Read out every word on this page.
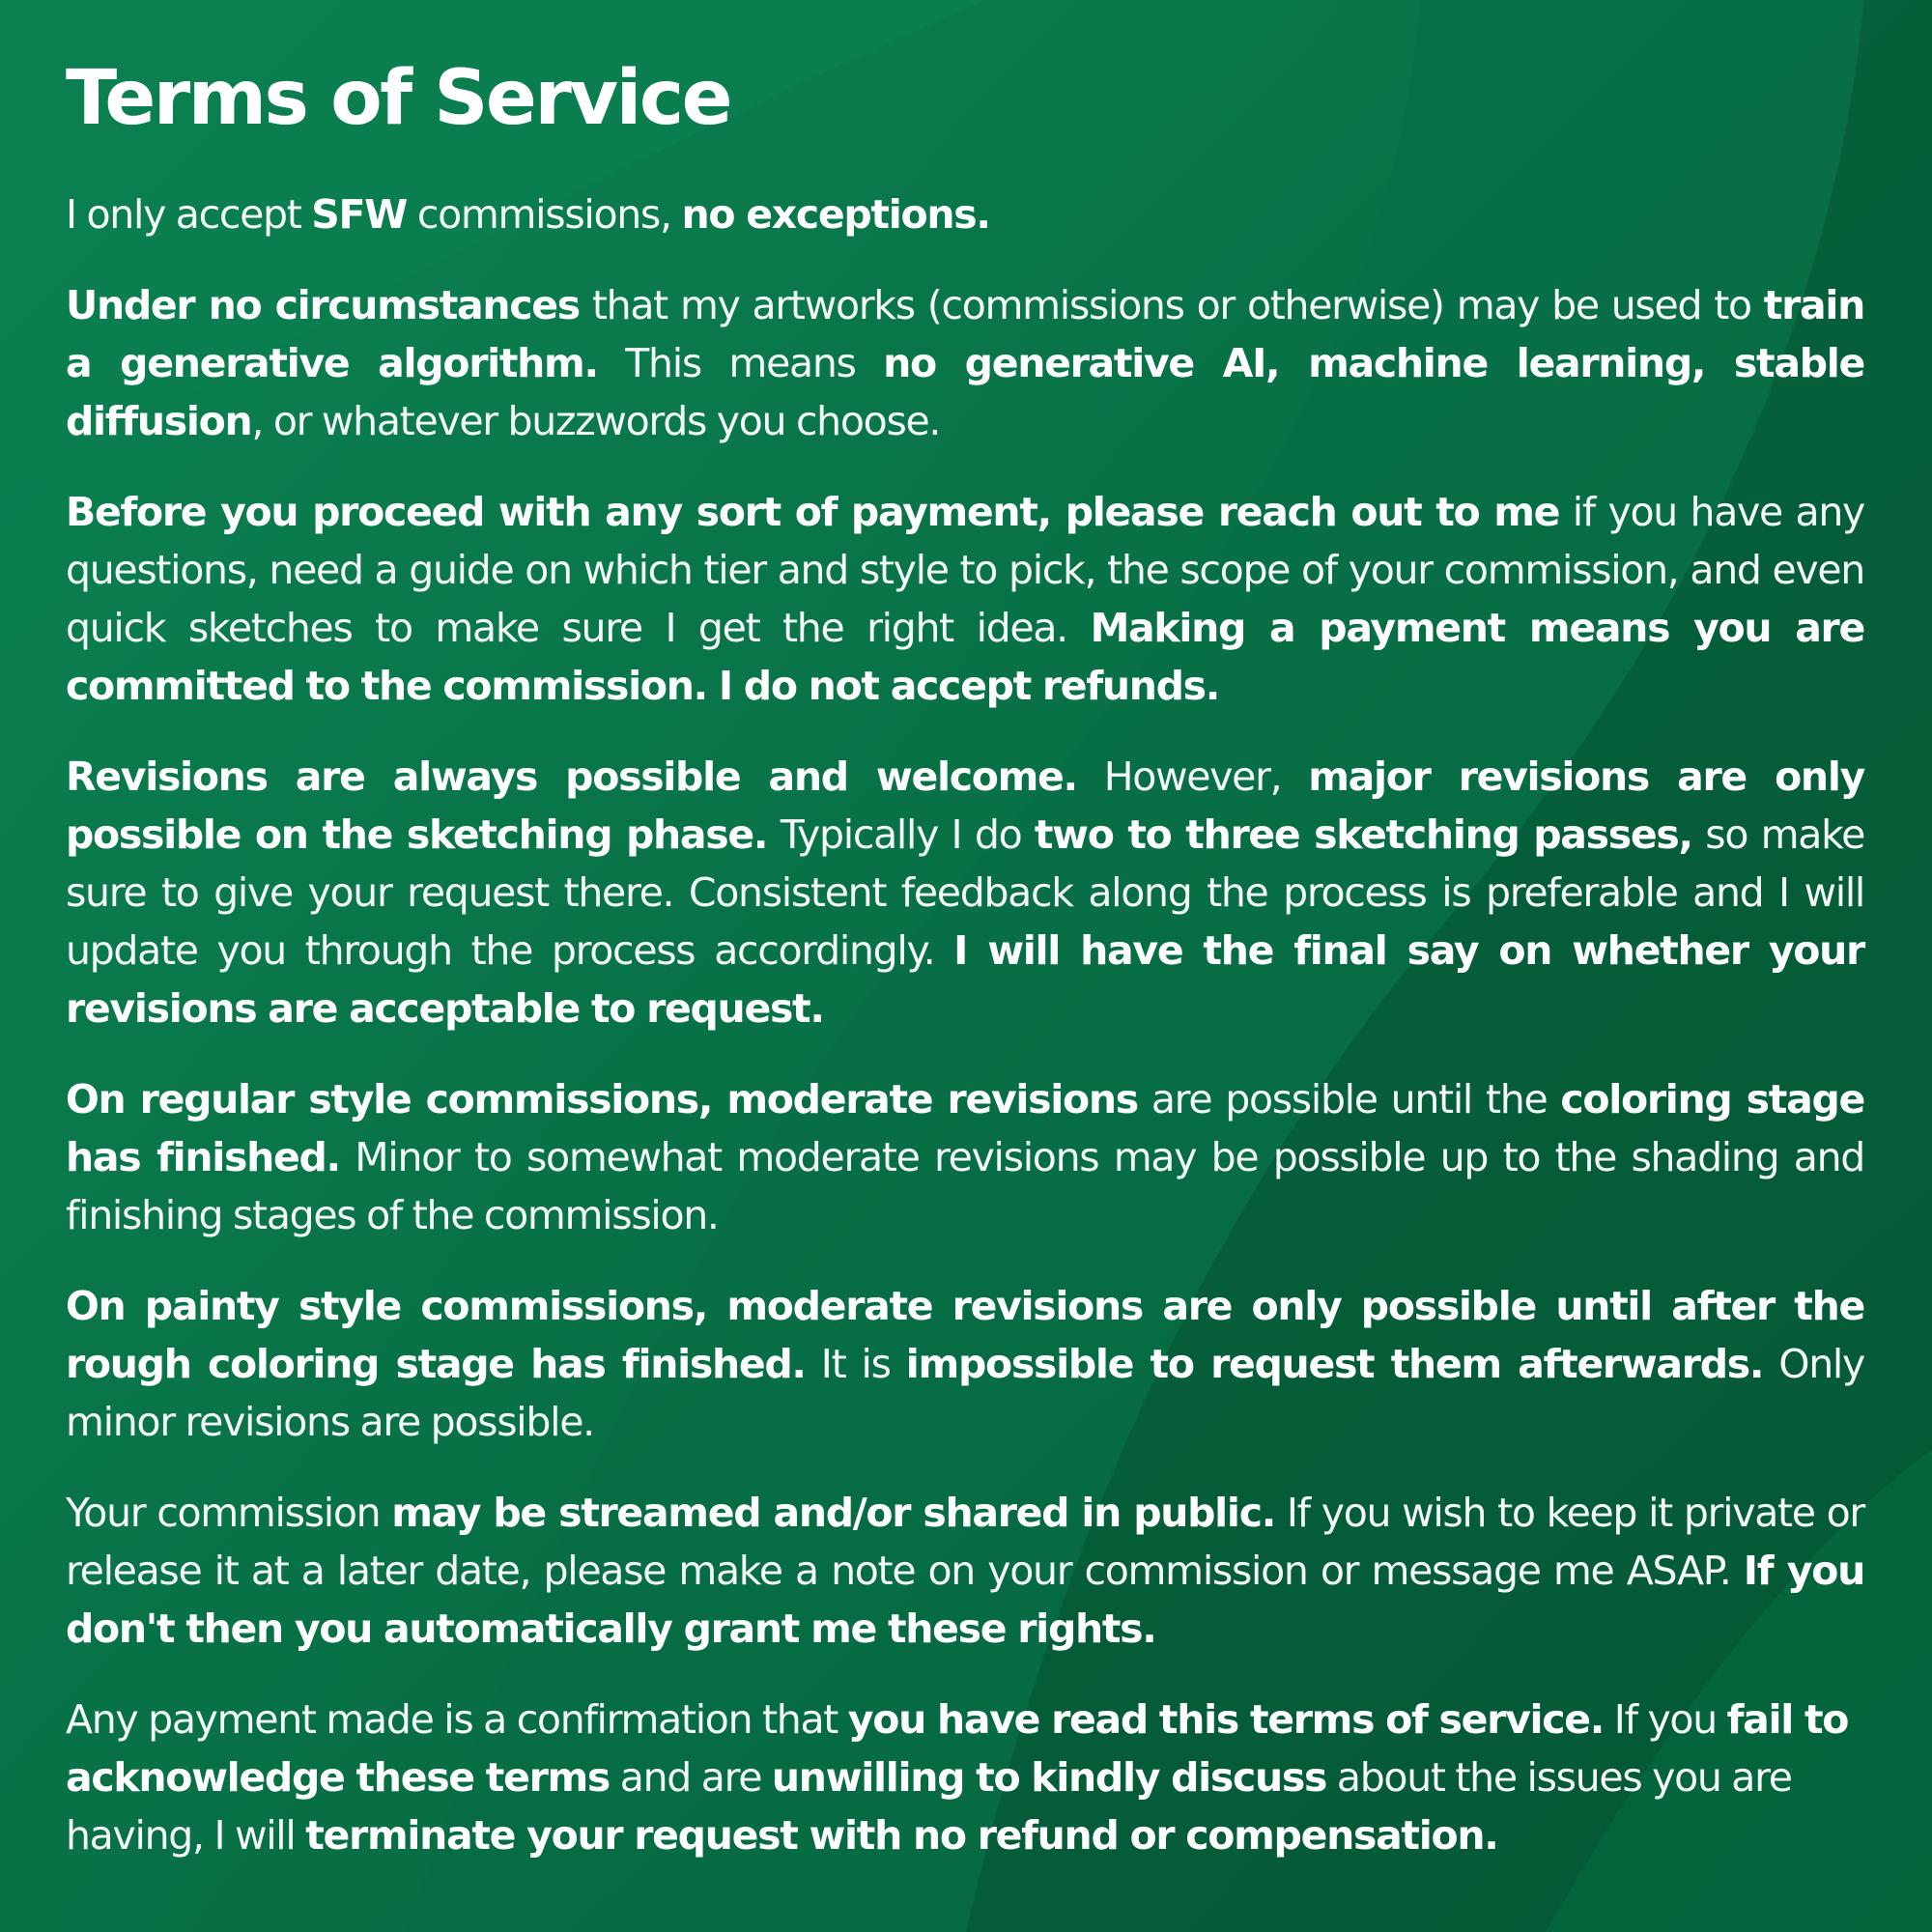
Terms of Service
I only accept SFW commissions, no exceptions.
Under no circumstances that my artworks (commissions or otherwise) may be used to train a generative algorithm. This means no generative AI, machine learning, stable diffusion, or whatever buzzwords you choose.
Before you proceed with any sort of payment, please reach out to me if you have any questions, need a guide on which tier and style to pick, the scope of your commission, and even quick sketches to make sure I get the right idea. Making a payment means you are committed to the commission. I do not accept refunds.
Revisions are always possible and welcome. However, major revisions are only possible on the sketching phase. Typically I do two to three sketching passes, so make sure to give your request there. Consistent feedback along the process is preferable and I will update you through the process accordingly. I will have the final say on whether your revisions are acceptable to request.
On regular style commissions, moderate revisions are possible until the coloring stage has finished. Minor to somewhat moderate revisions may be possible up to the shading and finishing stages of the commission.
On painty style commissions, moderate revisions are only possible until after the rough coloring stage has finished. It is impossible to request them afterwards. Only minor revisions are possible.
Your commission may be streamed and/or shared in public. If you wish to keep it private or release it at a later date, please make a note on your commission or message me ASAP. If you don't then you automatically grant me these rights.
Any payment made is a confirmation that you have read this terms of service. If you fail to acknowledge these terms and are unwilling to kindly discuss about the issues you are having, I will terminate your request with no refund or compensation.
